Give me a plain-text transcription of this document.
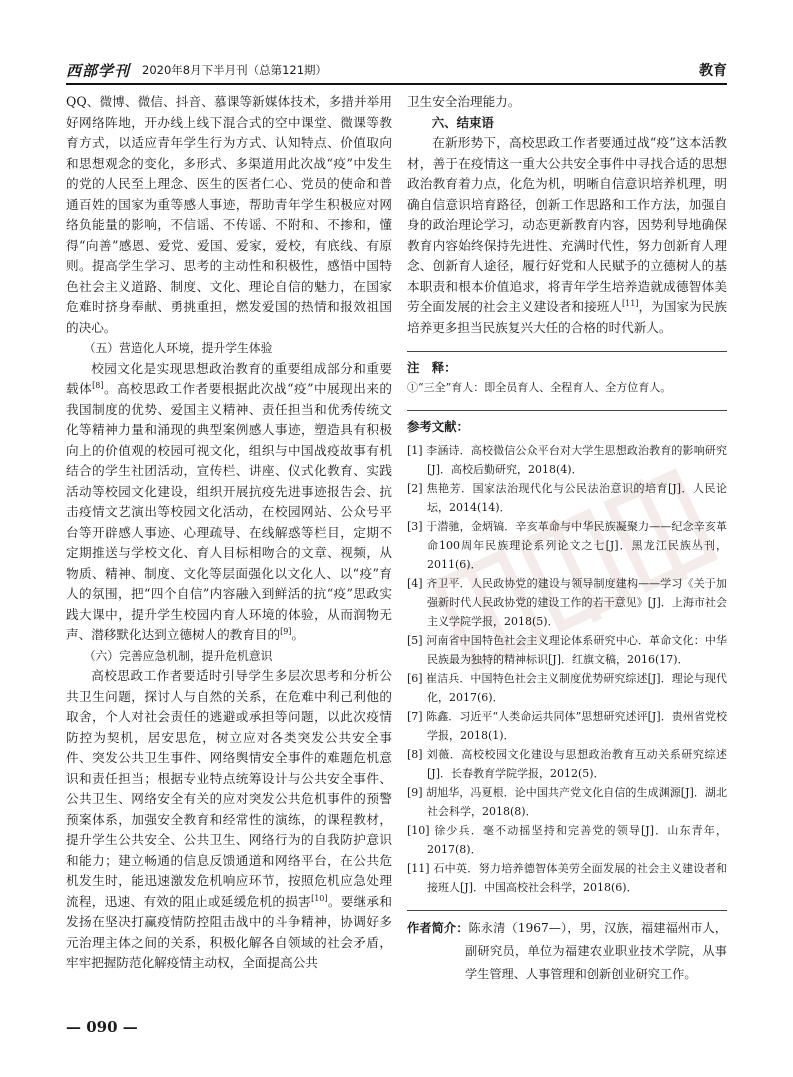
西部学刊 2020年8月下半月刊（总第121期）	教育

QQ、微博、微信、抖音、慕课等新媒体技术，多措并举用好网络阵地，开办线上线下混合式的空中课堂、微课等教育方式，以适应青年学生行为方式、认知特点、价值取向和思想观念的变化，多形式、多渠道用此次战“疫”中发生的党的人民至上理念、医生的医者仁心、党员的使命和普通百姓的国家为重等感人事迹，帮助青年学生积极应对网络负能量的影响，不信谣、不传谣、不附和、不掺和，懂得“向善”感恩、爱党、爱国、爱家，爱校，有底线、有原则。提高学生学习、思考的主动性和积极性，感悟中国特色社会主义道路、制度、文化、理论自信的魅力，在国家危难时挤身奉献、勇挑重担，燃发爱国的热情和报效祖国的决心。

（五）营造化人环境，提升学生体验

校园文化是实现思想政治教育的重要组成部分和重要载体[8]。高校思政工作者要根据此次战“疫”中展现出来的我国制度的优势、爱国主义精神、责任担当和优秀传统文化等精神力量和涌现的典型案例感人事迹，塑造具有积极向上的价值观的校园可视文化，组织与中国战疫故事有机结合的学生社团活动，宣传栏、讲座、仪式化教育、实践活动等校园文化建设，组织开展抗疫先进事迹报告会、抗击疫情文艺演出等校园文化活动，在校园网站、公众号平台等开辟感人事迹、心理疏导、在线解惑等栏目，定期不定期推送与学校文化、育人目标相吻合的文章、视频，从物质、精神、制度、文化等层面强化以文化人、以“疫”育人的氛围，把“四个自信”内容融入到鲜活的抗“疫”思政实践大课中，提升学生校园内育人环境的体验，从而润物无声、潜移默化达到立德树人的教育目的[9]。

（六）完善应急机制，提升危机意识

高校思政工作者要适时引导学生多层次思考和分析公共卫生问题，探讨人与自然的关系，在危难中利己利他的取舍，个人对社会责任的逃避或承担等问题，以此次疫情防控为契机，居安思危，树立应对各类突发公共安全事件、突发公共卫生事件、网络舆情安全事件的难题危机意识和责任担当；根据专业特点统筹设计与公共安全事件、公共卫生、网络安全有关的应对突发公共危机事件的预警预案体系，加强安全教育和经常性的演练，的课程教材，提升学生公共安全、公共卫生、网络行为的自我防护意识和能力；建立畅通的信息反馈通道和网络平台，在公共危机发生时，能迅速激发危机响应环节，按照危机应急处理流程，迅速、有效的阻止或延缓危机的损害[10]。要继承和发扬在坚决打赢疫情防控阻击战中的斗争精神，协调好多元治理主体之间的关系，积极化解各自领域的社会矛盾，牢牢把握防范化解疫情主动权，全面提高公共

卫生安全治理能力。

六、结束语

在新形势下，高校思政工作者要通过战“疫”这本活教材，善于在疫情这一重大公共安全事件中寻找合适的思想政治教育着力点，化危为机，明晰自信意识培养机理，明确自信意识培育路径，创新工作思路和工作方法，加强自身的政治理论学习，动态更新教育内容，因势利导地确保教育内容始终保持先进性、充满时代性，努力创新育人理念、创新育人途径，履行好党和人民赋予的立德树人的基本职责和根本价值追求，将青年学生培养造就成德智体美劳全面发展的社会主义建设者和接班人[11]，为国家为民族培养更多担当民族复兴大任的合格的时代新人。

注　释：

①“三全”育人：即全员育人、全程育人、全方位育人。

参考文献：

[1] 李涵诗．高校微信公众平台对大学生思想政治教育的影响研究[J]．高校后勤研究，2018(4)．

[2] 焦艳芳．国家法治现代化与公民法治意识的培育[J]．人民论坛，2014(14)．

[3] 于潜驰，金炳镐．辛亥革命与中华民族凝聚力——纪念辛亥革命100周年民族理论系列论文之七[J]．黑龙江民族丛刊，2011(6)．

[4] 齐卫平．人民政协党的建设与领导制度建构——学习《关于加强新时代人民政协党的建设工作的若干意见》[J]．上海市社会主义学院学报，2018(5)．

[5] 河南省中国特色社会主义理论体系研究中心．革命文化：中华民族最为独特的精神标识[J]．红旗文稿，2016(17)．

[6] 崔洁兵．中国特色社会主义制度优势研究综述[J]．理论与现代化，2017(6)．

[7] 陈鑫．习近平“人类命运共同体”思想研究述评[J]．贵州省党校学报，2018(1)．

[8] 刘薇．高校校园文化建设与思想政治教育互动关系研究综述[J]．长春教育学院学报，2012(5)．

[9] 胡旭华，冯夏根．论中国共产党文化自信的生成渊源[J]．湖北社会科学，2018(8)．

[10] 徐少兵．毫不动摇坚持和完善党的领导[J]．山东青年，2017(8)．

[11] 石中英．努力培养德智体美劳全面发展的社会主义建设者和接班人[J]．中国高校社会科学，2018(6)．

作者简介：陈永清（1967—），男，汉族，福建福州市人，副研究员，单位为福建农业职业技术学院，从事学生管理、人事管理和创新创业研究工作。

— 090 —
